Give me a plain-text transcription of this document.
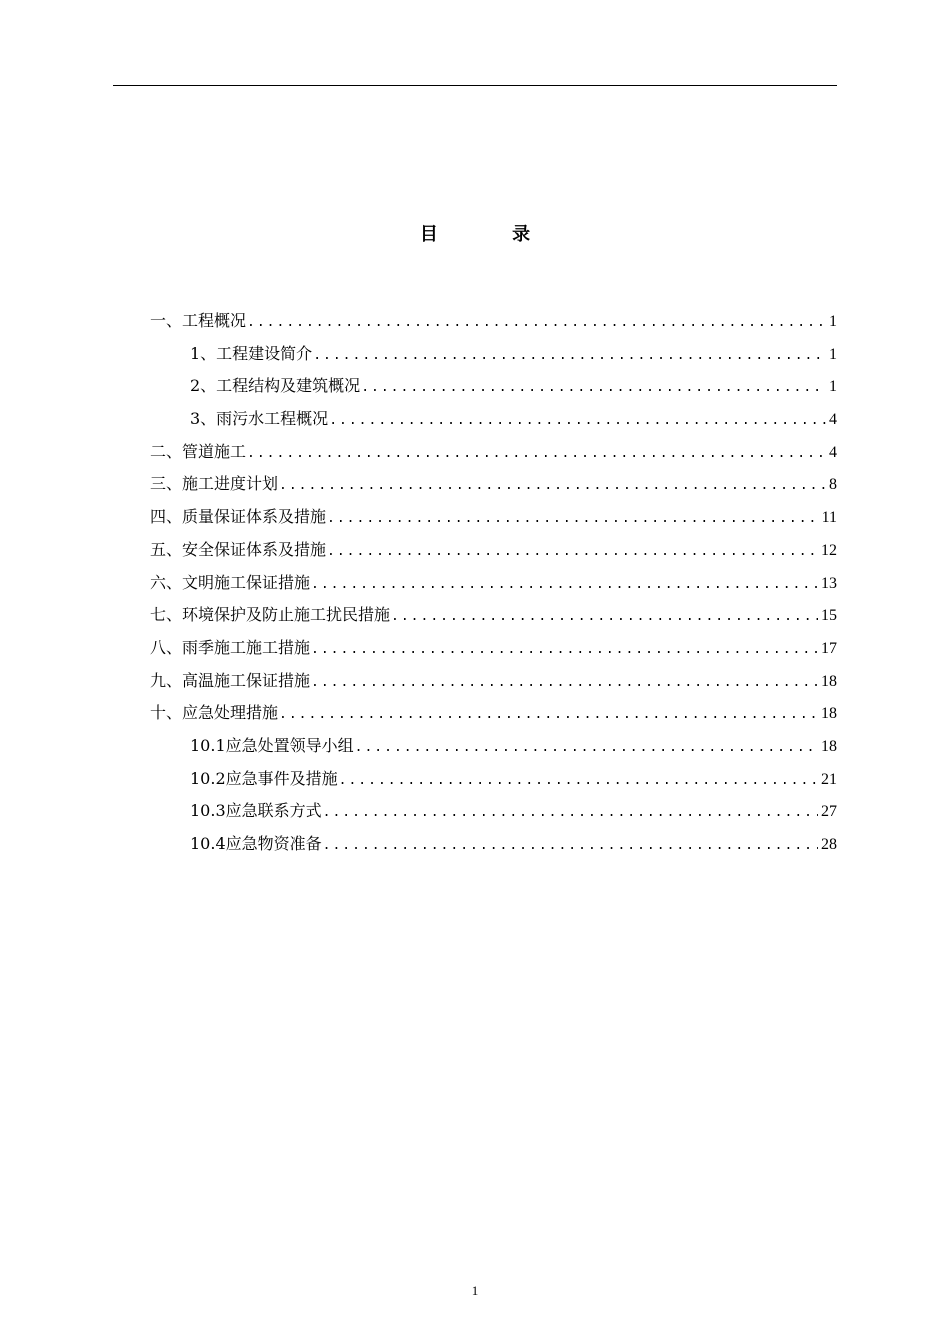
目 录
一、工程概况 .....	1
1、工程建设简介 .....	1
2、工程结构及建筑概况 .....	1
3、雨污水工程概况 .....	4
二、管道施工 .....	4
三、施工进度计划 .....	8
四、质量保证体系及措施 .....	11
五、安全保证体系及措施 .....	12
六、文明施工保证措施 .....	13
七、环境保护及防止施工扰民措施 .....	15
八、雨季施工施工措施 .....	17
九、高温施工保证措施 .....	18
十、应急处理措施 .....	18
10.1应急处置领导小组 .....	18
10.2应急事件及措施 .....	21
10.3应急联系方式 .....	27
10.4应急物资准备 .....	28
1
